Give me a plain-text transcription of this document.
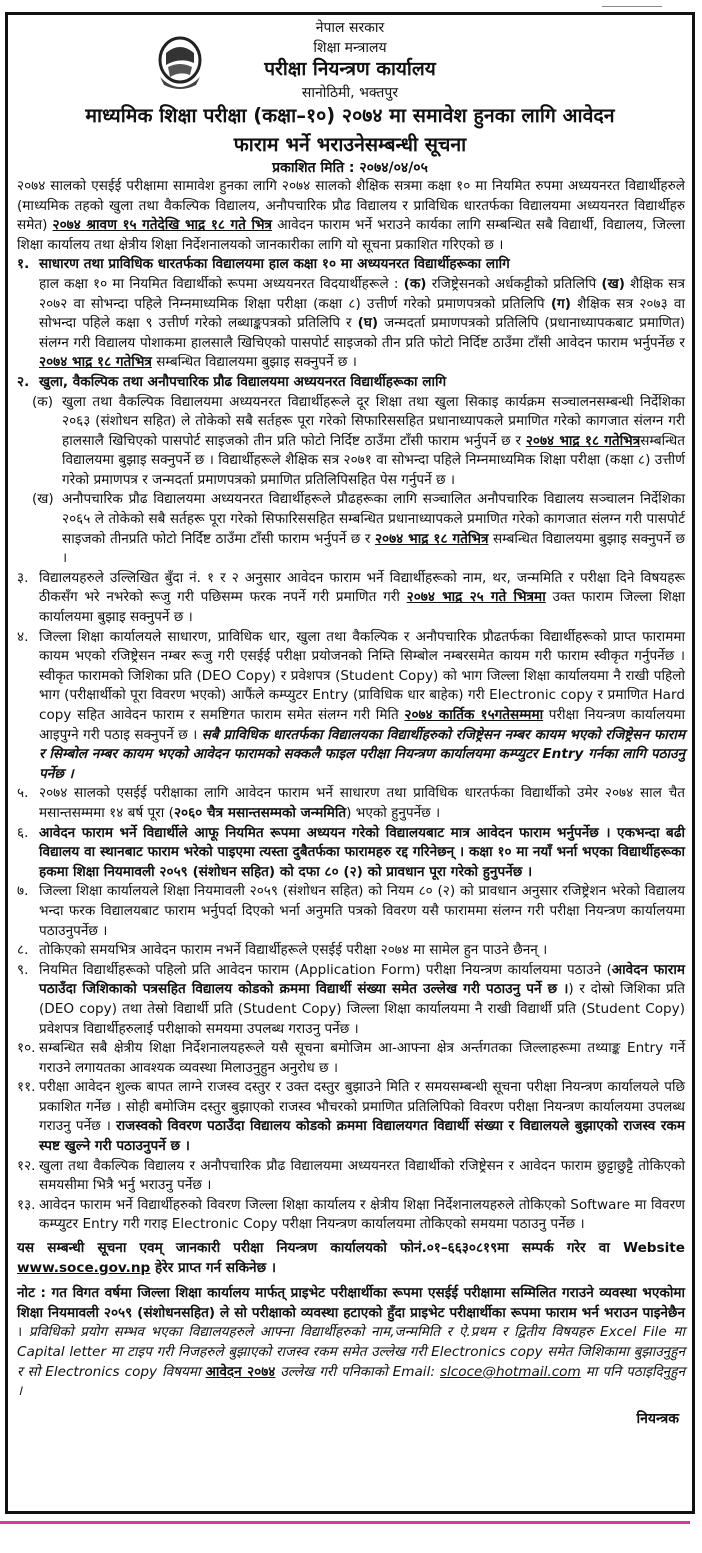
नेपाल सरकार
शिक्षा मन्त्रालय
परीक्षा नियन्त्रण कार्यालय
सानोठिमी, भक्तपुर
माध्यमिक शिक्षा परीक्षा (कक्षा–१०) २०७४ मा समावेश हुनका लागि आवेदन
फाराम भर्ने भराउनेसम्बन्धी सूचना
प्रकाशित मिति : २०७४/०४/०५

२०७४ सालको एसईई परीक्षामा सामावेश हुनका लागि २०७४ सालको शैक्षिक सत्रमा कक्षा १० मा नियमित रुपमा अध्ययनरत विद्यार्थीहरुले (माध्यमिक तहको खुला तथा वैकल्पिक विद्यालय, अनौपचारिक प्रौढ विद्यालय र प्राविधिक धारतर्फका विद्यालयमा अध्ययनरत विद्यार्थीहरु समेत) २०७४ श्रावण १५ गतेदेखि भाद्र १८ गते भित्र आवेदन फाराम भर्ने भराउने कार्यका लागि सम्बन्धित सबै विद्यार्थी, विद्यालय, जिल्ला शिक्षा कार्यालय तथा क्षेत्रीय शिक्षा निर्देशनालयको जानकारीका लागि यो सूचना प्रकाशित गरिएको छ ।

१. साधारण तथा प्राविधिक धारतर्फका विद्यालयमा हाल कक्षा १० मा अध्ययनरत विद्यार्थीहरूका लागि
हाल कक्षा १० मा नियमित विद्यार्थीको रूपमा अध्ययनरत विदयार्थीहरूले : (क) रजिष्ट्रेसनको अर्धकट्टीको प्रतिलिपि (ख) शैक्षिक सत्र २०७२ वा सोभन्दा पहिले निम्नमाध्यमिक शिक्षा परीक्षा (कक्षा ८) उत्तीर्ण गरेको प्रमाणपत्रको प्रतिलिपि (ग) शैक्षिक सत्र २०७३ वा सोभन्दा पहिले कक्षा ९ उत्तीर्ण गरेको लब्धाङ्कपत्रको प्रतिलिपि र (घ) जन्मदर्ता प्रमाणपत्रको प्रतिलिपि (प्रधानाध्यापकबाट प्रमाणित) संलग्न गरी विद्यालय पोशाकमा हालसालै खिचिएको पासपोर्ट साइजको तीन प्रति फोटो निर्दिष्ट ठाउँमा टाँसी आवेदन फाराम भर्नुपर्नेछ र २०७४ भाद्र १८ गतेभित्र सम्बन्धित विद्यालयमा बुझाइ सक्नुपर्ने छ ।
२. खुला, वैकल्पिक तथा अनौपचारिक प्रौढ विद्यालयमा अध्ययनरत विद्यार्थीहरूका लागि
(क) खुला तथा वैकल्पिक विद्यालयमा अध्ययनरत विद्यार्थीहरूले दूर शिक्षा तथा खुला सिकाइ कार्यक्रम सञ्चालनसम्बन्धी निर्देशिका २०६३ (संशोधन सहित) ले तोकेको सबै सर्तहरू पूरा गरेको सिफारिससहित प्रधानाध्यापकले प्रमाणित गरेको कागजात संलग्न गरी हालसालै खिचिएको पासपोर्ट साइजको तीन प्रति फोटो निर्दिष्ट ठाउँमा टाँसी फाराम भर्नुपर्ने छ र २०७४ भाद्र १८ गतेभित्रसम्बन्धित विद्यालयमा बुझाइ सक्नुपर्ने छ । विद्यार्थीहरूले शैक्षिक सत्र २०७१ वा सोभन्दा पहिले निम्नमाध्यमिक शिक्षा परीक्षा (कक्षा ८) उत्तीर्ण गरेको प्रमाणपत्र र जन्मदर्ता प्रमाणपत्रको प्रमाणित प्रतिलिपिसहित पेस गर्नुपर्ने छ ।
(ख) अनौपचारिक प्रौढ विद्यालयमा अध्ययनरत विद्यार्थीहरूले प्रौढहरूका लागि सञ्चालित अनौपचारिक विद्यालय सञ्चालन निर्देशिका २०६५ ले तोकेको सबै सर्तहरू पूरा गरेको सिफारिससहित सम्बन्धित प्रधानाध्यापकले प्रमाणित गरेको कागजात संलग्न गरी पासपोर्ट साइजको तीनप्रति फोटो निर्दिष्ट ठाउँमा टाँसी फाराम भर्नुपर्ने छ र २०७४ भाद्र १८ गतेभित्र सम्बन्धित विद्यालयमा बुझाइ सक्नुपर्ने छ ।
३. विद्यालयहरुले उल्लिखित बुँदा नं. १ र २ अनुसार आवेदन फाराम भर्ने विद्यार्थीहरूको नाम, थर, जन्ममिति र परीक्षा दिने विषयहरू ठीकसँग भरे नभरेको रूजु गरी पछिसम्म फरक नपर्ने गरी प्रमाणित गरी २०७४ भाद्र २५ गते भित्रमा उक्त फाराम जिल्ला शिक्षा कार्यालयमा बुझाइ सक्नुपर्ने छ ।
४. जिल्ला शिक्षा कार्यालयले साधारण, प्राविधिक धार, खुला तथा वैकल्पिक र अनौपचारिक प्रौढतर्फका विद्यार्थीहरूको प्राप्त फाराममा कायम भएको रजिष्ट्रेसन नम्बर रूजु गरी एसईई परीक्षा प्रयोजनको निम्ति सिम्बोल नम्बरसमेत कायम गरी फाराम स्वीकृत गर्नुपर्नेछ । स्वीकृत फारामको जिशिका प्रति (DEO Copy) र प्रवेशपत्र (Student Copy) को भाग जिल्ला शिक्षा कार्यालयमा नै राखी पहिलो भाग (परीक्षार्थीको पूरा विवरण भएको) आफैंले कम्प्युटर Entry (प्राविधिक धार बाहेक) गरी Electronic copy र प्रमाणित Hard copy सहित आवेदन फाराम र समष्टिगत फाराम समेत संलग्न गरी मिति २०७४ कार्तिक १५गतेसम्ममा परीक्षा नियन्त्रण कार्यालयमा आइपुग्ने गरी पठाइ सक्नुपर्ने छ । सबै प्राविधिक धारतर्फका विद्यालयका विद्यार्थीहरुको रजिष्ट्रेसन नम्बर कायम भएको रजिष्ट्रेसन फाराम र सिम्बोल नम्बर कायम भएको आवेदन फारामको सक्कलै फाइल परीक्षा नियन्त्रण कार्यालयमा कम्प्युटर Entry गर्नका लागि पठाउनु पर्नेछ ।
५. २०७४ सालको एसईई परीक्षाका लागि आवेदन फाराम भर्ने साधारण तथा प्राविधिक धारतर्फका विद्यार्थीको उमेर २०७४ साल चैत मसान्तसम्ममा १४ बर्ष पूरा (२०६० चैत्र मसान्तसम्मको जन्ममिति) भएको हुनुपर्नेछ ।
६. आवेदन फाराम भर्ने विद्यार्थीले आफू नियमित रूपमा अध्ययन गरेको विद्यालयबाट मात्र आवेदन फाराम भर्नुपर्नेछ । एकभन्दा बढी विद्यालय वा स्थानबाट फाराम भरेको पाइएमा त्यस्ता दुबैतर्फका फारामहरु रद्द गरिनेछन् । कक्षा १० मा नयाँ भर्ना भएका विद्यार्थीहरूका हकमा शिक्षा नियमावली २०५९ (संशोधन सहित) को दफा ८० (२) को प्रावधान पूरा गरेको हुनुपर्नेछ ।
७. जिल्ला शिक्षा कार्यालयले शिक्षा नियमावली २०५९ (संशोधन सहित) को नियम ८० (२) को प्रावधान अनुसार रजिष्ट्रेशन भरेको विद्यालय भन्दा फरक विद्यालयबाट फाराम भर्नुपर्दा दिएको भर्ना अनुमति पत्रको विवरण यसै फाराममा संलग्न गरी परीक्षा नियन्त्रण कार्यालयमा पठाउनुपर्नेछ ।
८. तोकिएको समयभित्र आवेदन फाराम नभर्ने विद्यार्थीहरूले एसईई परीक्षा २०७४ मा सामेल हुन पाउने छैनन् ।
९. नियमित विद्यार्थीहरूको पहिलो प्रति आवेदन फाराम (Application Form) परीक्षा नियन्त्रण कार्यालयमा पठाउने (आवेदन फाराम पठाउँदा जिशिकाको पत्रसहित विद्यालय कोडको क्रममा विद्यार्थी संख्या समेत उल्लेख गरी पठाउनु पर्ने छ ।) र दोस्रो जिशिका प्रति (DEO copy) तथा तेस्रो विद्यार्थी प्रति (Student Copy) जिल्ला शिक्षा कार्यालयमा नै राखी विद्यार्थी प्रति (Student Copy) प्रवेशपत्र विद्यार्थीहरुलाई परीक्षाको समयमा उपलब्ध गराउनु पर्नेछ ।
१०. सम्बन्धित सबै क्षेत्रीय शिक्षा निर्देशनालयहरूले यसै सूचना बमोजिम आ-आफ्ना क्षेत्र अर्न्तगतका जिल्लाहरूमा तथ्याङ्क Entry गर्ने गराउने लगायतका आवश्यक व्यवस्था मिलाउनुहुन अनुरोध छ ।
११. परीक्षा आवेदन शुल्क बापत लाग्ने राजस्व दस्तुर र उक्त दस्तुर बुझाउने मिति र समयसम्बन्धी सूचना परीक्षा नियन्त्रण कार्यालयले पछि प्रकाशित गर्नेछ । सोही बमोजिम दस्तुर बुझाएको राजस्व भौचरको प्रमाणित प्रतिलिपिको विवरण परीक्षा नियन्त्रण कार्यालयमा उपलब्ध गराउनु पर्नेछ । राजस्वको विवरण पठाउँदा विद्यालय कोडको क्रममा विद्यालयगत विद्यार्थी संख्या र विद्यालयले बुझाएको राजस्व रकम स्पष्ट खुल्ने गरी पठाउनुपर्ने छ ।
१२. खुला तथा वैकल्पिक विद्यालय र अनौपचारिक प्रौढ विद्यालयमा अध्ययनरत विद्यार्थीको रजिष्ट्रेसन र आवेदन फाराम छुट्टाछुट्टै तोकिएको समयसीमा भित्रै भर्नु भराउनु पर्नेछ ।
१३. आवेदन फाराम भर्ने विद्यार्थीहरुको विवरण जिल्ला शिक्षा कार्यालय र क्षेत्रीय शिक्षा निर्देशनालयहरुले तोकिएको Software मा विवरण कम्प्युटर Entry गरी गराइ Electronic Copy परीक्षा नियन्त्रण कार्यालयमा तोकिएको समयमा पठाउनु पर्नेछ ।

यस सम्बन्धी सूचना एवम् जानकारी परीक्षा नियन्त्रण कार्यालयको फोनं.०१–६६३०८१९मा सम्पर्क गरेर वा Website www.soce.gov.np हेरेर प्राप्त गर्न सकिनेछ ।

नोट : गत विगत वर्षमा जिल्ला शिक्षा कार्यालय मार्फत् प्राइभेट परीक्षार्थीका रूपमा एसईई परीक्षामा सम्मिलित गराउने व्यवस्था भएकोमा शिक्षा नियमावली २०५९ (संशोधनसहित) ले सो परीक्षाको व्यवस्था हटाएको हुँदा प्राइभेट परीक्षार्थीका रूपमा फाराम भर्न भराउन पाइनेछैन । प्रविधिको प्रयोग सम्भव भएका विद्यालयहरुले आफ्ना विद्यार्थीहरुको नाम,जन्ममिति र ऐ.प्रथम र द्वितीय विषयहरु Excel File मा Capital letter मा टाइप गरी निजहरुले बुझाएको राजस्व रकम समेत उल्लेख गरी Electronics copy समेत जिशिकामा बुझाउनुहुन र सो Electronics copy विषयमा आवेदन २०७४ उल्लेख गरी पनिकाको Email: slcoce@hotmail.com मा पनि पठाइदिनुहुन ।

नियन्त्रक
